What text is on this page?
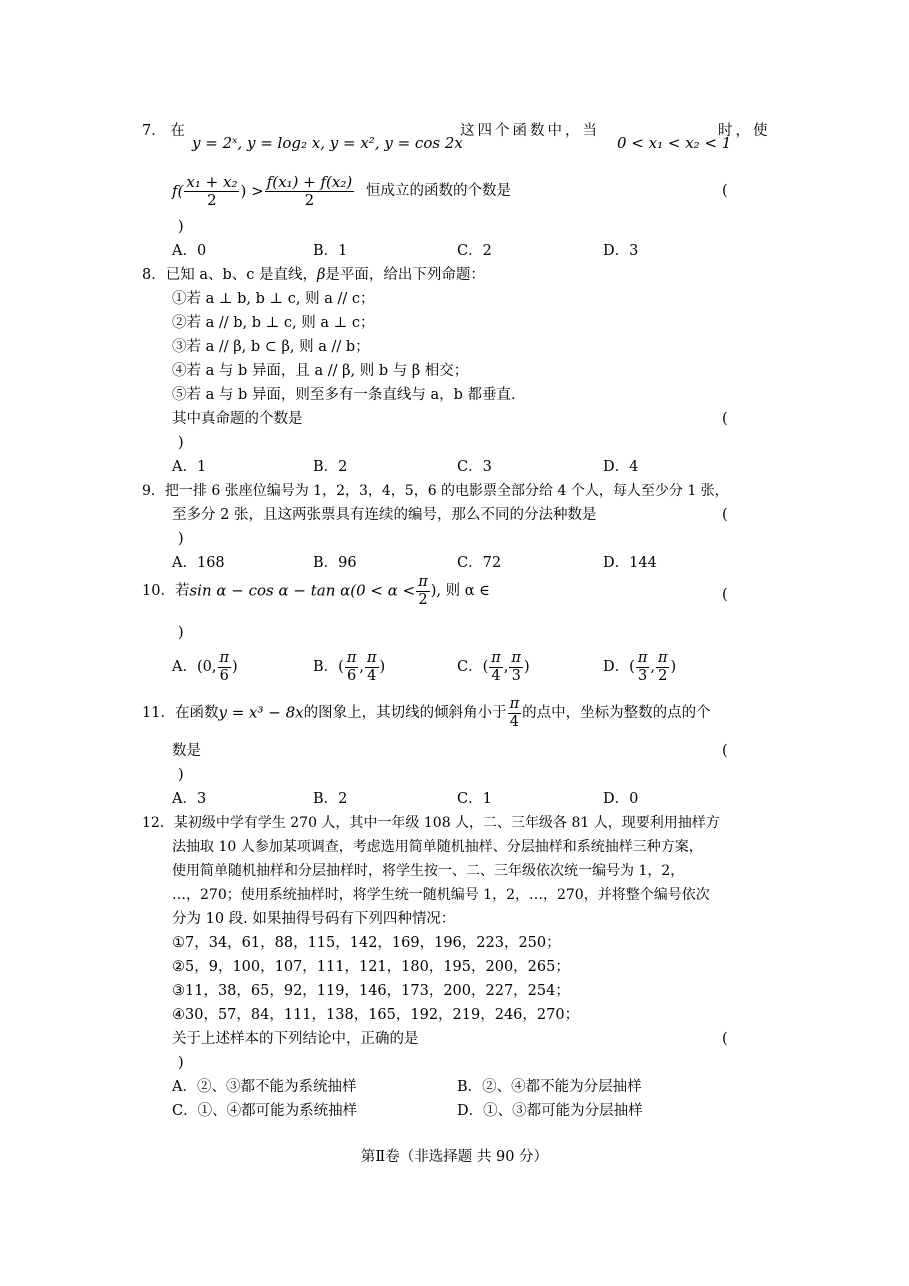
7． 在
y = 2ˣ, y = log₂ x, y = x², y = cos 2x
这四个函数中，当
0 < x₁ < x₂ < 1
时，使
$f( \frac{\text{x₁ + x₂}}{2}$ ) > $\frac{\text{f(x₁) + f(x₂)}}{2}$ 恒成立的函数的个数是	(
)
A．0	B．1	C．2	D．3
8．已知 a、b、c 是直线，β是平面，给出下列命题：
①若 a ⊥ b, b ⊥ c, 则 a // c；
②若 a // b, b ⊥ c, 则 a ⊥ c；
③若 a // β, b ⊂ β, 则 a // b；
④若 a 与 b 异面，且 a // β, 则 b 与 β 相交；
⑤若 a 与 b 异面，则至多有一条直线与 a，b 都垂直.
其中真命题的个数是	(
)
A．1	B．2	C．3	D．4
9．把一排 6 张座位编号为 1，2，3，4，5，6 的电影票全部分给 4 个人，每人至少分 1 张，
至多分 2 张，且这两张票具有连续的编号，那么不同的分法种数是	(
)
A．168	B．96	C．72	D．144
10．若$\sin \alpha - \cos \alpha - \tan \alpha(0 < \alpha < \frac{\pi}{2}$ ), 则 α ∈	(
)
A．(0, $\frac{\pi}{6}$ )	B．( $\frac{\pi}{6}$ , $\frac{\pi}{4}$ )	C．( $\frac{\pi}{4}$ , $\frac{\pi}{3}$ )	D．( $\frac{\pi}{3}$ , $\frac{\pi}{2}$ )
11．在函数y = x³ − 8x的图象上，其切线的倾斜角小于 $\frac{\pi}{4}$ 的点中，坐标为整数的点的个
数是	(
)
A．3	B．2	C．1	D．0
12．某初级中学有学生 270 人，其中一年级 108 人，二、三年级各 81 人，现要利用抽样方
法抽取 10 人参加某项调查，考虑选用简单随机抽样、分层抽样和系统抽样三种方案，
使用简单随机抽样和分层抽样时，将学生按一、二、三年级依次统一编号为 1，2，
…，270；使用系统抽样时，将学生统一随机编号 1，2，…，270，并将整个编号依次
分为 10 段. 如果抽得号码有下列四种情况：
①7，34，61，88，115，142，169，196，223，250；
②5，9，100，107，111，121，180，195，200，265；
③11，38，65，92，119，146，173，200，227，254；
④30，57，84，111，138，165，192，219，246，270；
关于上述样本的下列结论中，正确的是	(
)
A．②、③都不能为系统抽样	B．②、④都不能为分层抽样
C．①、④都可能为系统抽样	D．①、③都可能为分层抽样
第Ⅱ卷（非选择题 共 90 分）
